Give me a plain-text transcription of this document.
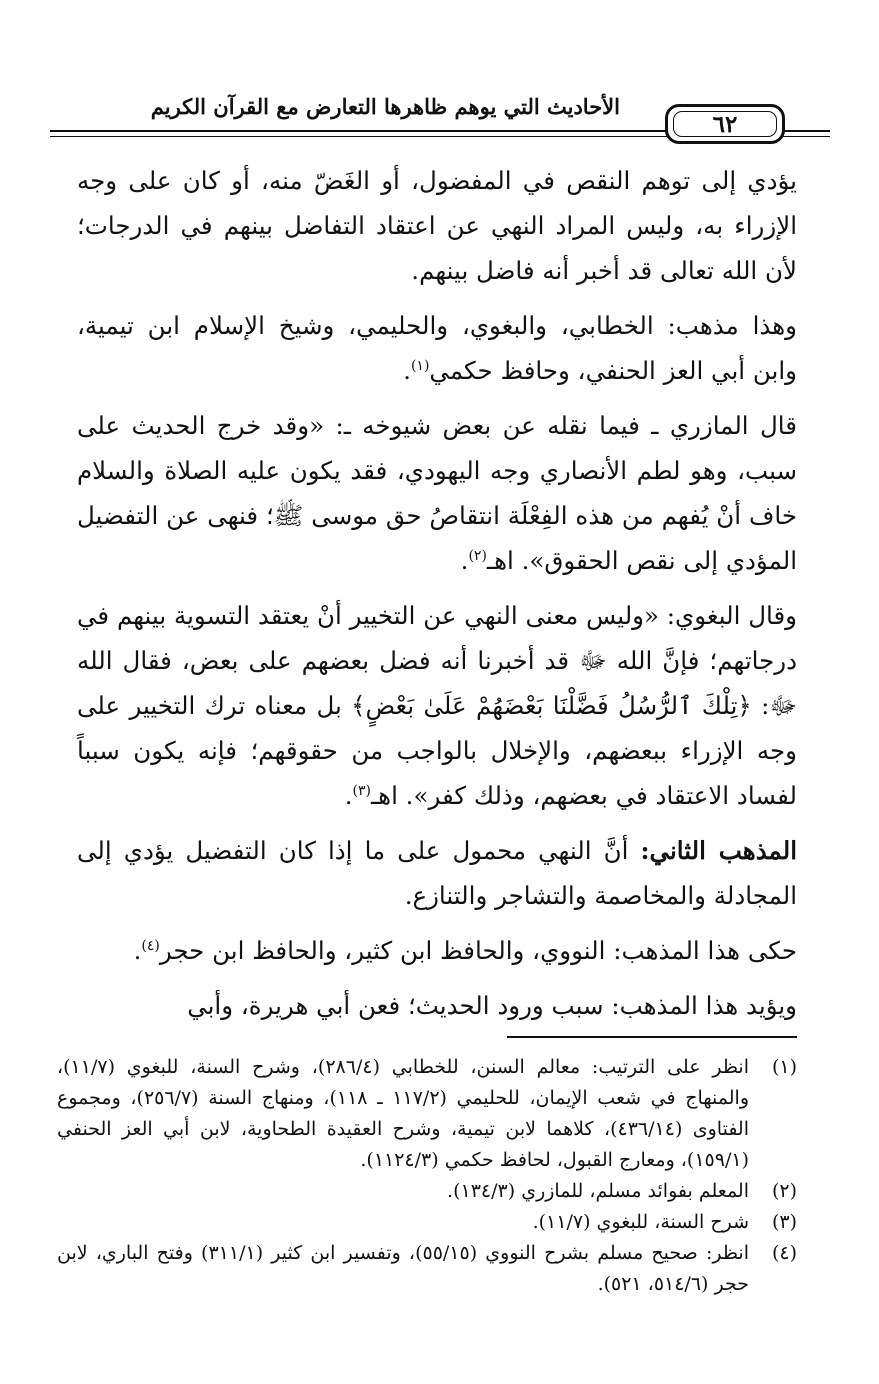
الأحاديث التي يوهم ظاهرها التعارض مع القرآن الكريم
٦٢

يؤدي إلى توهم النقص في المفضول، أو الغَضّ منه، أو كان على وجه الإزراء به، وليس المراد النهي عن اعتقاد التفاضل بينهم في الدرجات؛ لأن الله تعالى قد أخبر أنه فاضل بينهم.

وهذا مذهب: الخطابي، والبغوي، والحليمي، وشيخ الإسلام ابن تيمية، وابن أبي العز الحنفي، وحافظ حكمي$^{(١)}$.

قال المازري ـ فيما نقله عن بعض شيوخه ـ: «وقد خرج الحديث على سبب، وهو لطم الأنصاري وجه اليهودي، فقد يكون عليه الصلاة والسلام خاف أنْ يُفهم من هذه الفِعْلَة انتقاصُ حق موسى ﷺ؛ فنهى عن التفضيل المؤدي إلى نقص الحقوق». اهـ$^{(٢)}$.

وقال البغوي: «وليس معنى النهي عن التخيير أنْ يعتقد التسوية بينهم في درجاتهم؛ فإنَّ الله ﷻ قد أخبرنا أنه فضل بعضهم على بعض، فقال الله ﷻ: ﴿تِلْكَ ٱلرُّسُلُ فَضَّلْنَا بَعْضَهُمْ عَلَىٰ بَعْضٍ﴾ بل معناه ترك التخيير على وجه الإزراء ببعضهم، والإخلال بالواجب من حقوقهم؛ فإنه يكون سبباً لفساد الاعتقاد في بعضهم، وذلك كفر». اهـ$^{(٣)}$.

المذهب الثاني: أنَّ النهي محمول على ما إذا كان التفضيل يؤدي إلى المجادلة والمخاصمة والتشاجر والتنازع.

حكى هذا المذهب: النووي، والحافظ ابن كثير، والحافظ ابن حجر$^{(٤)}$.

ويؤيد هذا المذهب: سبب ورود الحديث؛ فعن أبي هريرة، وأبي

(١)
انظر على الترتيب: معالم السنن، للخطابي (٢٨٦/٤)، وشرح السنة، للبغوي (١١/٧)، والمنهاج في شعب الإيمان، للحليمي (١١٧/٢ ـ ١١٨)، ومنهاج السنة (٢٥٦/٧)، ومجموع الفتاوى (٤٣٦/١٤)، كلاهما لابن تيمية، وشرح العقيدة الطحاوية، لابن أبي العز الحنفي (١٥٩/١)، ومعارج القبول، لحافظ حكمي (١١٢٤/٣).
(٢)
المعلم بفوائد مسلم، للمازري (١٣٤/٣).
(٣)
شرح السنة، للبغوي (١١/٧).
(٤)
انظر: صحيح مسلم بشرح النووي (٥٥/١٥)، وتفسير ابن كثير (٣١١/١) وفتح الباري، لابن حجر (٥١٤/٦، ٥٢١).
